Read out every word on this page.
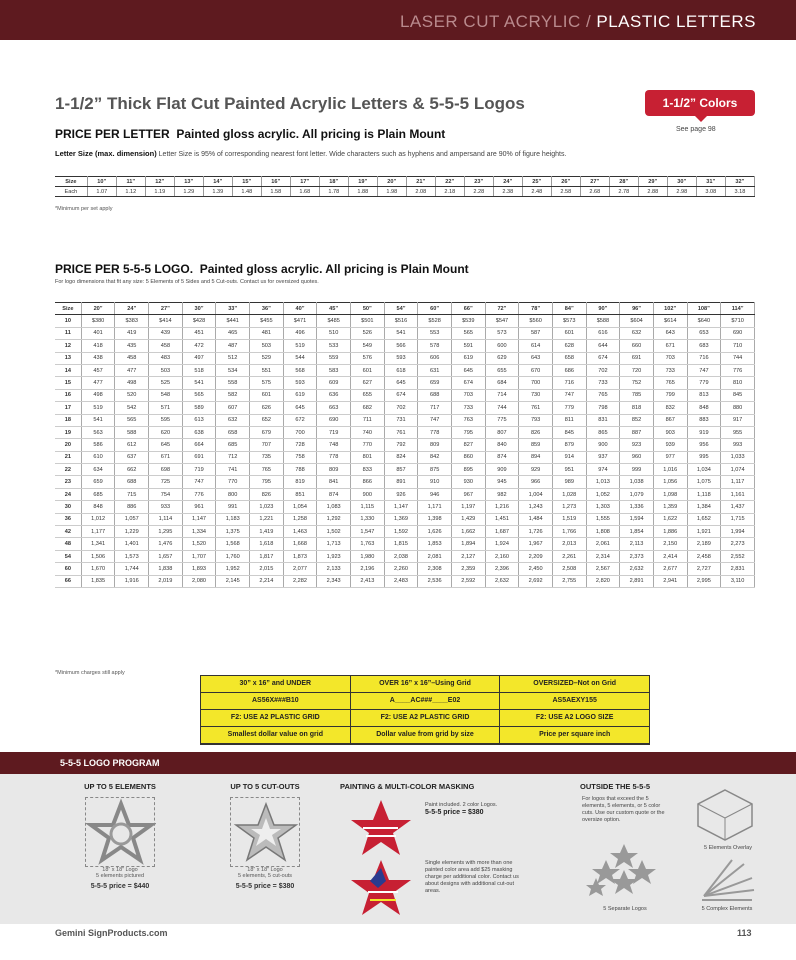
LASER CUT ACRYLIC / PLASTIC LETTERS
1-1/2” Thick Flat Cut Painted Acrylic Letters & 5-5-5 Logos	1-1/2” Colors
See page 98
PRICE PER LETTER Painted gloss acrylic. All pricing is Plain Mount
Letter Size (max. dimension) Letter Size is 95% of corresponding nearest font letter. Wide characters such as hyphens and ampersand are 90% of figure heights.
Size	10”	11”	12”	13”	14”	15”	16”	17”	18”	19”	20”	21”	22”	23”	24”	25”	26”	27”	28”	29”	30”	31”	32”
Each	1.07	1.12	1.19	1.29	1.39	1.48	1.58	1.68	1.78	1.88	1.98	2.08	2.18	2.28	2.38	2.48	2.58	2.68	2.78	2.88	2.98	3.08	3.18
*Minimum per set apply
PRICE PER 5-5-5 LOGO. Painted gloss acrylic. All pricing is Plain Mount
For logo dimensions that fit any size: 5 Elements of 5 Sides and 5 Cut-outs. Contact us for oversized quotes.
Size	20”	24”	27”	30”	33”	36”	40”	45”	50”	54”	60”	66”	72”	78”	84”	90”	96”	102”	108”	114”
10	$380	$383	$414	$428	$441	$455	$471	$485	$501	$516	$528	$539	$547	$560	$573	$588	$604	$614	$640	$710
11	401	419	439	451	465	481	496	510	526	541	553	565	573	587	601	616	632	643	653	690
12	418	435	458	472	487	503	519	533	549	566	578	591	600	614	628	644	660	671	683	710
13	438	458	483	497	512	529	544	559	576	593	606	619	629	643	658	674	691	703	716	744
14	457	477	503	518	534	551	568	583	601	618	631	645	655	670	686	702	720	733	747	776
15	477	498	525	541	558	575	593	609	627	645	659	674	684	700	716	733	752	765	779	810
16	498	520	548	565	582	601	619	636	655	674	688	703	714	730	747	765	785	799	813	845
17	519	542	571	589	607	626	645	663	682	702	717	733	744	761	779	798	818	832	848	880
18	541	565	595	613	632	652	672	690	711	731	747	763	775	793	811	831	852	867	883	917
19	563	588	620	638	658	679	700	719	740	761	778	795	807	826	845	865	887	903	919	955
20	586	612	645	664	685	707	728	748	770	792	809	827	840	859	879	900	923	939	956	993
21	610	637	671	691	712	735	758	778	801	824	842	860	874	894	914	937	960	977	995	1,033
22	634	662	698	719	741	765	788	809	833	857	875	895	909	929	951	974	999	1,016	1,034	1,074
23	659	688	725	747	770	795	819	841	866	891	910	930	945	966	989	1,013	1,038	1,056	1,075	1,117
24	685	715	754	776	800	826	851	874	900	926	946	967	982	1,004	1,028	1,052	1,079	1,098	1,118	1,161
30	848	886	933	961	991	1,023	1,054	1,083	1,115	1,147	1,171	1,197	1,216	1,243	1,273	1,303	1,336	1,359	1,384	1,437
36	1,012	1,057	1,114	1,147	1,183	1,221	1,258	1,292	1,330	1,369	1,398	1,429	1,451	1,484	1,519	1,555	1,594	1,622	1,652	1,715
42	1,177	1,229	1,295	1,334	1,375	1,419	1,463	1,502	1,547	1,592	1,626	1,662	1,687	1,726	1,766	1,808	1,854	1,886	1,921	1,994
48	1,341	1,401	1,476	1,520	1,568	1,618	1,668	1,713	1,763	1,815	1,853	1,894	1,924	1,967	2,013	2,061	2,113	2,150	2,189	2,273
54	1,506	1,573	1,657	1,707	1,760	1,817	1,873	1,923	1,980	2,038	2,081	2,127	2,160	2,209	2,261	2,314	2,373	2,414	2,458	2,552
60	1,670	1,744	1,838	1,893	1,952	2,015	2,077	2,133	2,196	2,260	2,308	2,359	2,396	2,450	2,508	2,567	2,632	2,677	2,727	2,831
66	1,835	1,916	2,019	2,080	2,145	2,214	2,282	2,343	2,413	2,483	2,536	2,592	2,632	2,692	2,755	2,820	2,891	2,941	2,995	3,110
*Minimum charges still apply
30” x 16” and UNDER	OVER 16” x 16”–Using Grid	OVERSIZED–Not on Grid
AS56X###B10	A____AC###____E02	AS5AEXY155
F2: USE A2 PLASTIC GRID	F2: USE A2 PLASTIC GRID	F2: USE A2 LOGO SIZE
Smallest dollar value on grid	Dollar value from grid by size	Price per square inch
5-5-5 LOGO PROGRAM
UP TO 5 ELEMENTS
18” x 18” Logo
5 elements pictured
5-5-5 price = $440
UP TO 5 CUT-OUTS
18” x 18” Logo
5 elements, 5 cut-outs
5-5-5 price = $380
PAINTING & MULTI-COLOR MASKING
Paint included. 2 color Logos.
5-5-5 price = $380
Single elements with more than one painted color area add $25 masking charge per additional color. Contact us about designs with additional cut-out areas.
OUTSIDE THE 5-5-5
For logos that exceed the 5 elements, 5 elements, or 5 color cuts. Use our custom quote or the oversize option.
5 Elements Overlay
5 Separate Logos	5 Complex Elements
Gemini SignProducts.com	113
